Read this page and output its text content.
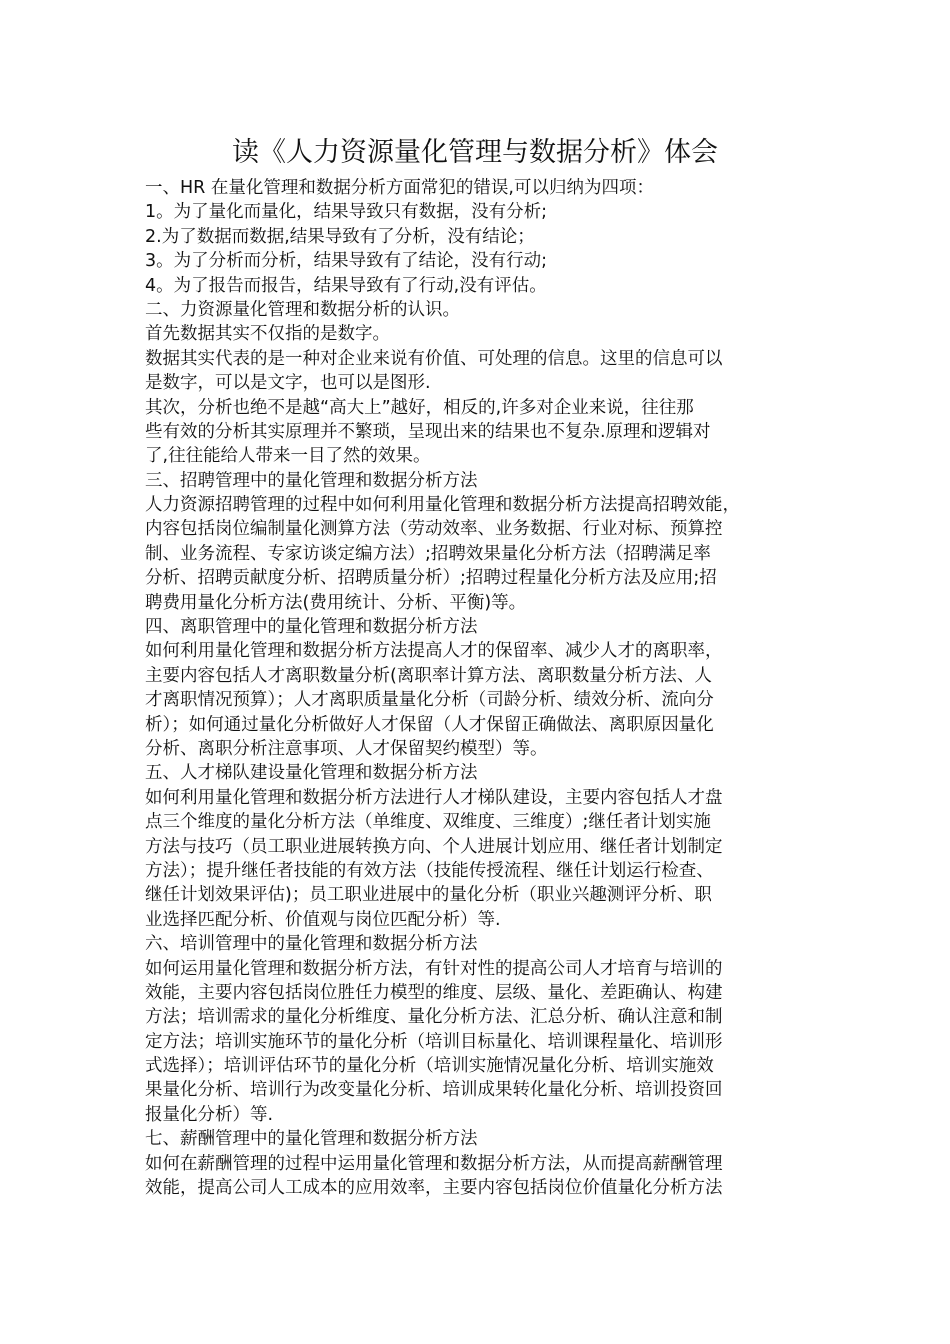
读《人力资源量化管理与数据分析》体会
一、HR 在量化管理和数据分析方面常犯的错误,可以归纳为四项：
1。为了量化而量化，结果导致只有数据，没有分析;
2.为了数据而数据,结果导致有了分析，没有结论；
3。为了分析而分析，结果导致有了结论，没有行动;
4。为了报告而报告，结果导致有了行动,没有评估。
二、力资源量化管理和数据分析的认识。
首先数据其实不仅指的是数字。
数据其实代表的是一种对企业来说有价值、可处理的信息。这里的信息可以
是数字，可以是文字，也可以是图形.
其次，分析也绝不是越“高大上”越好，相反的,许多对企业来说，往往那
些有效的分析其实原理并不繁琐，呈现出来的结果也不复杂.原理和逻辑对
了,往往能给人带来一目了然的效果。
三、招聘管理中的量化管理和数据分析方法
人力资源招聘管理的过程中如何利用量化管理和数据分析方法提高招聘效能，
内容包括岗位编制量化测算方法（劳动效率、业务数据、行业对标、预算控
制、业务流程、专家访谈定编方法）;招聘效果量化分析方法（招聘满足率
分析、招聘贡献度分析、招聘质量分析）;招聘过程量化分析方法及应用;招
聘费用量化分析方法(费用统计、分析、平衡)等。
四、离职管理中的量化管理和数据分析方法
如何利用量化管理和数据分析方法提高人才的保留率、减少人才的离职率，
主要内容包括人才离职数量分析(离职率计算方法、离职数量分析方法、人
才离职情况预算）；人才离职质量量化分析（司龄分析、绩效分析、流向分
析）；如何通过量化分析做好人才保留（人才保留正确做法、离职原因量化
分析、离职分析注意事项、人才保留契约模型）等。
五、人才梯队建设量化管理和数据分析方法
如何利用量化管理和数据分析方法进行人才梯队建设，主要内容包括人才盘
点三个维度的量化分析方法（单维度、双维度、三维度）;继任者计划实施
方法与技巧（员工职业进展转换方向、个人进展计划应用、继任者计划制定
方法）；提升继任者技能的有效方法（技能传授流程、继任计划运行检查、
继任计划效果评估)；员工职业进展中的量化分析（职业兴趣测评分析、职
业选择匹配分析、价值观与岗位匹配分析）等.
六、培训管理中的量化管理和数据分析方法
如何运用量化管理和数据分析方法，有针对性的提高公司人才培育与培训的
效能，主要内容包括岗位胜任力模型的维度、层级、量化、差距确认、构建
方法；培训需求的量化分析维度、量化分析方法、汇总分析、确认注意和制
定方法；培训实施环节的量化分析（培训目标量化、培训课程量化、培训形
式选择）；培训评估环节的量化分析（培训实施情况量化分析、培训实施效
果量化分析、培训行为改变量化分析、培训成果转化量化分析、培训投资回
报量化分析）等.
七、薪酬管理中的量化管理和数据分析方法
如何在薪酬管理的过程中运用量化管理和数据分析方法，从而提高薪酬管理
效能，提高公司人工成本的应用效率，主要内容包括岗位价值量化分析方法
